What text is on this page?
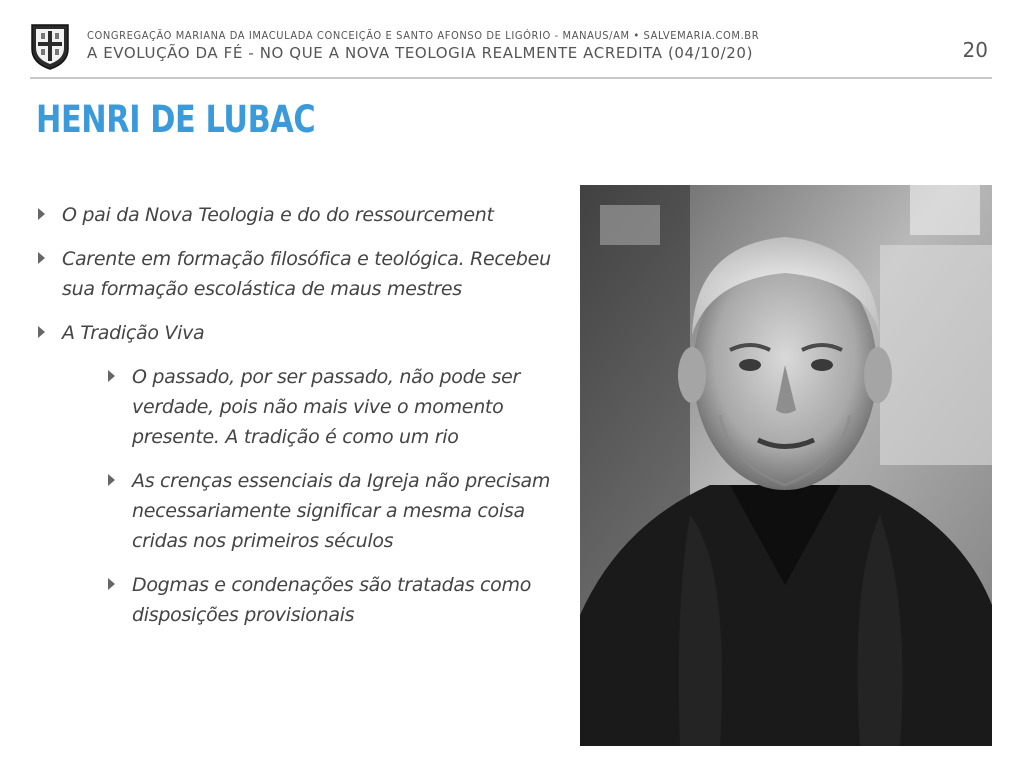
CONGREGAÇÃO MARIANA DA IMACULADA CONCEIÇÃO E SANTO AFONSO DE LIGÓRIO - MANAUS/AM • SALVEMARIA.COM.BR
A EVOLUÇÃO DA FÉ - NO QUE A NOVA TEOLOGIA REALMENTE ACREDITA (04/10/20)	20
HENRI DE LUBAC
O pai da Nova Teologia e do do ressourcement
Carente em formação filosófica e teológica. Recebeu sua formação escolástica de maus mestres
A Tradição Viva
O passado, por ser passado, não pode ser verdade, pois não mais vive o momento presente. A tradição é como um rio
As crenças essenciais da Igreja não precisam necessariamente significar a mesma coisa cridas nos primeiros séculos
Dogmas e condenações são tratadas como disposições provisionais
